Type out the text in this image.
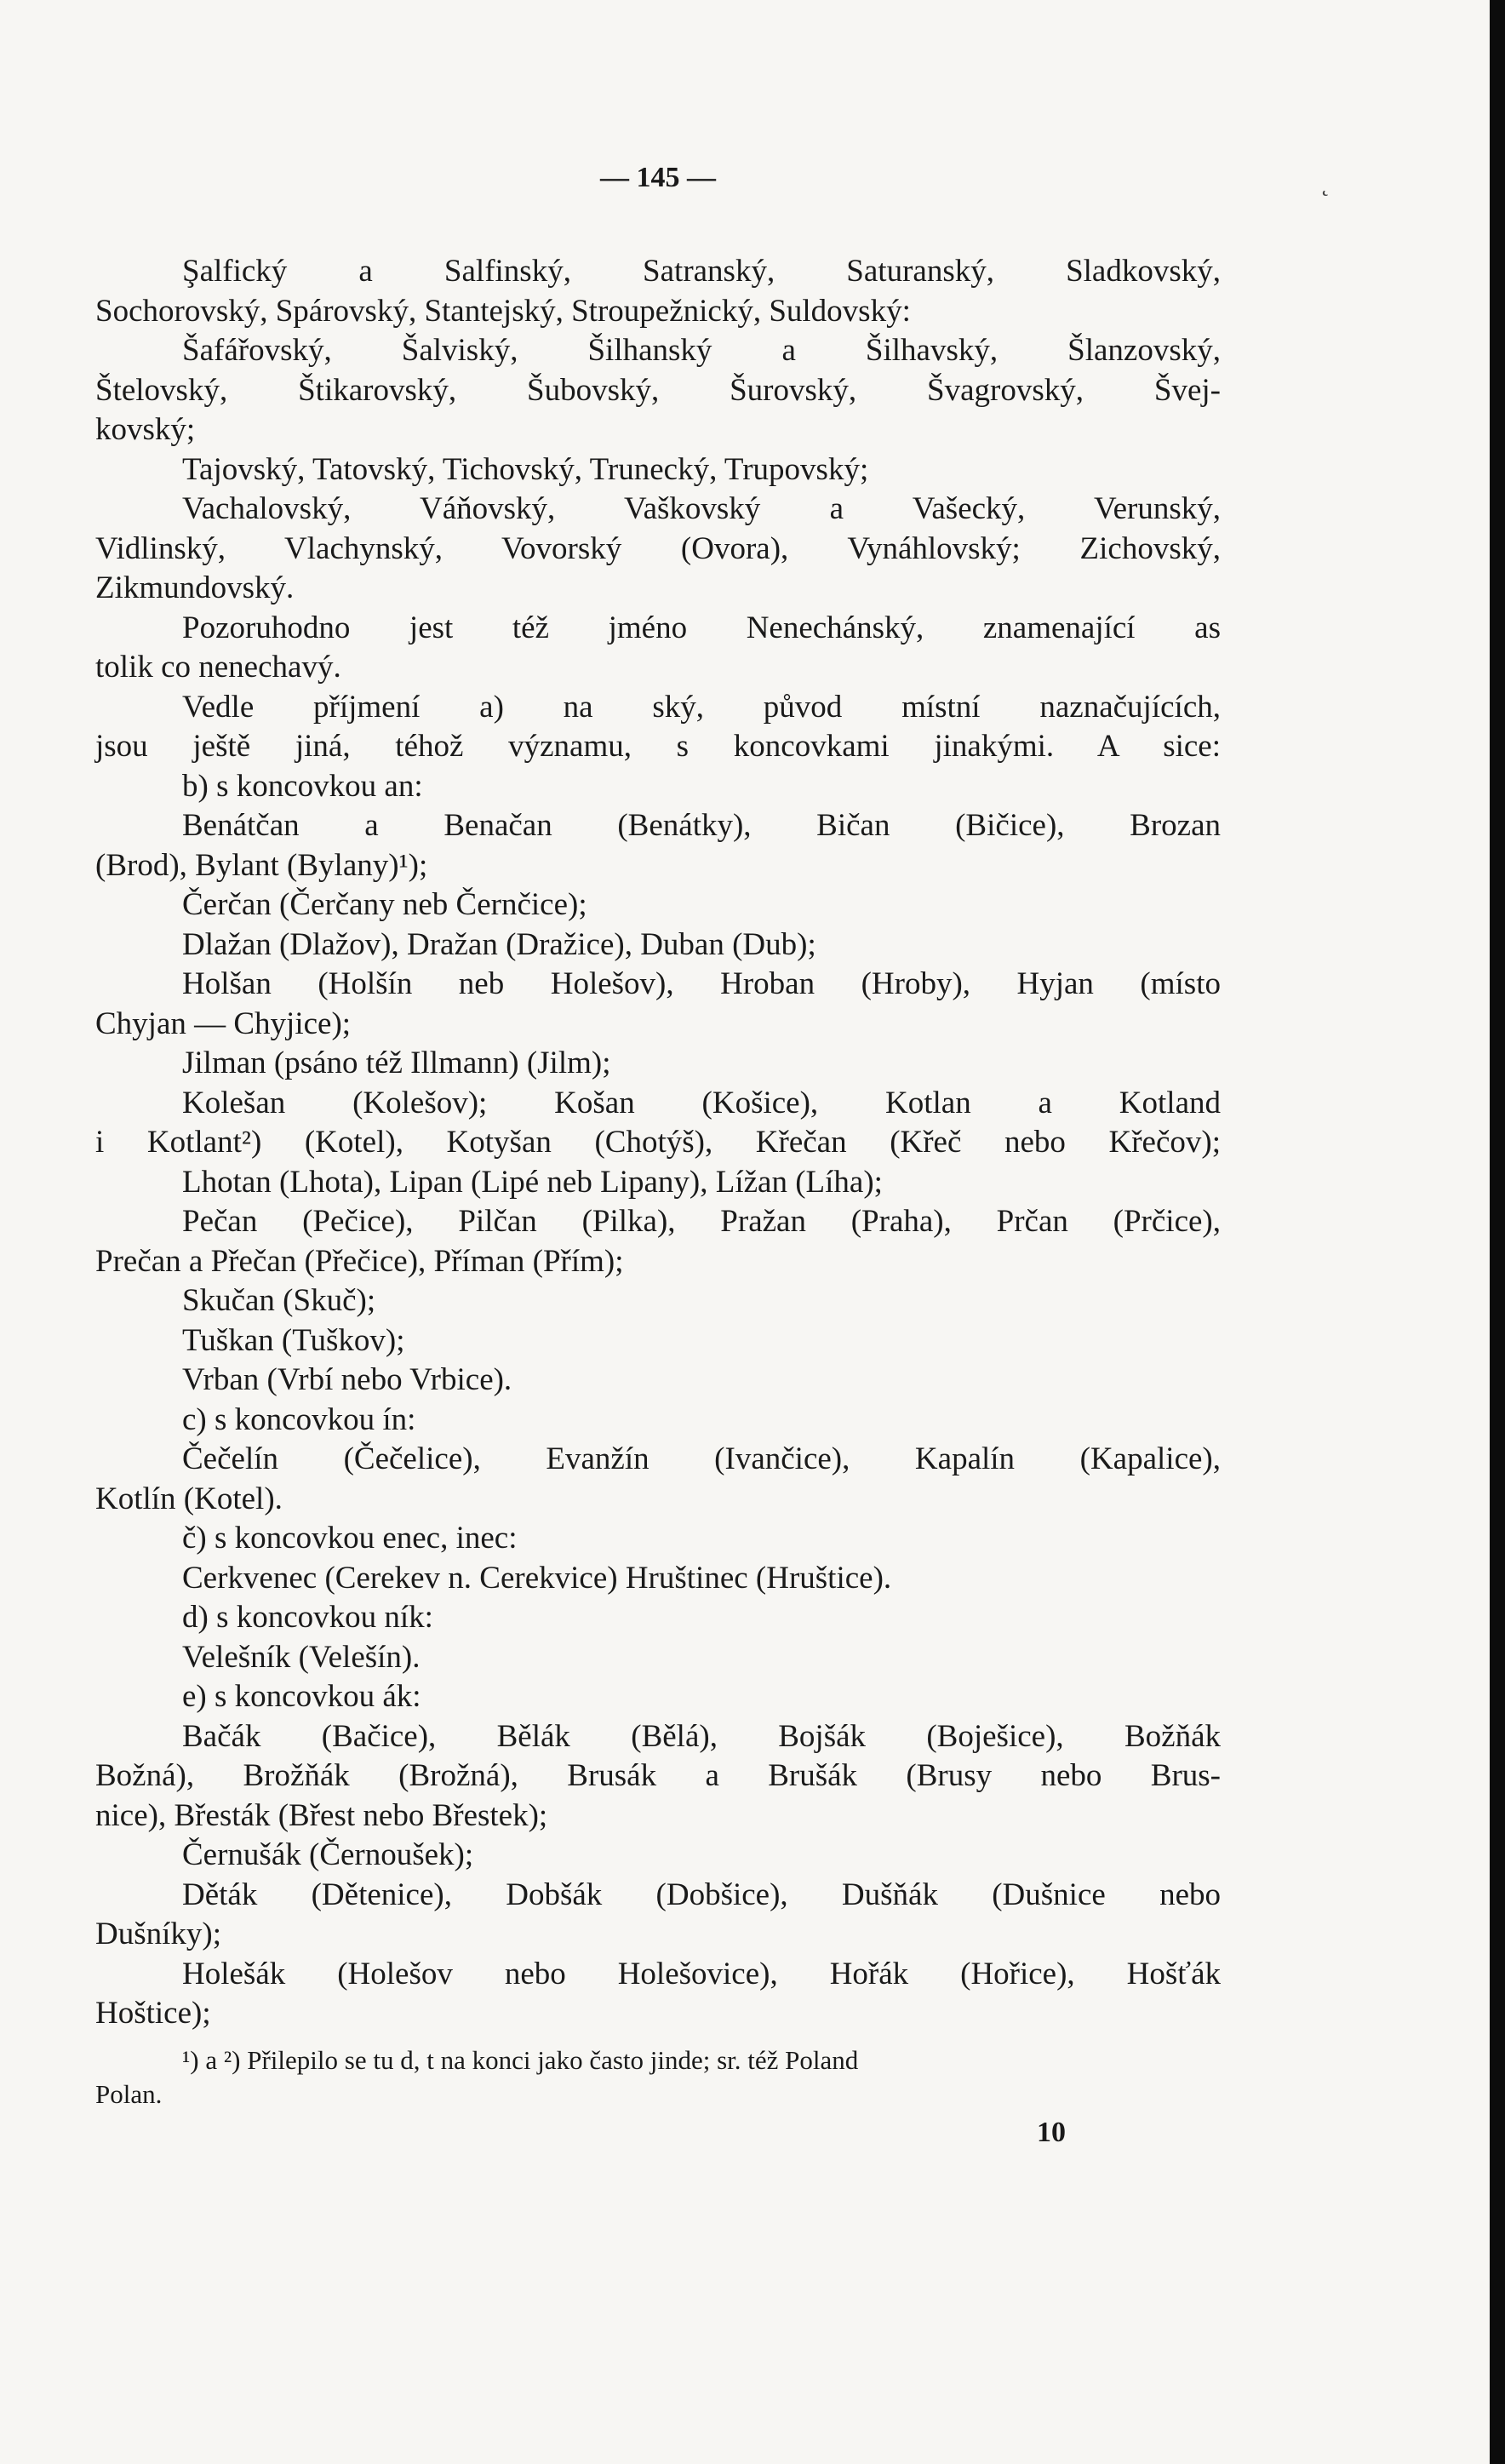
— 145 —	˛
Şalfický a Salfinský, Satranský, Saturanský, Sladkovský,
Sochorovský, Spárovský, Stantejský, Stroupežnický, Suldovský:
Šafářovský, Šalviský, Šilhanský a Šilhavský, Šlanzovský,
Štelovský, Štikarovský, Šubovský, Šurovský, Švagrovský, Švej-
kovský;
Tajovský, Tatovský, Tichovský, Trunecký, Trupovský;
Vachalovský, Váňovský, Vaškovský a Vašecký, Verunský,
Vidlinský, Vlachynský, Vovorský (Ovora), Vynáhlovský; Zichovský,
Zikmundovský.
Pozoruhodno jest též jméno Nenechánský, znamenající as
tolik co nenechavý.
Vedle příjmení a) na ský, původ místní naznačujících,
jsou ještě jiná, téhož významu, s koncovkami jinakými. A sice:
b) s koncovkou an:
Benátčan a Benačan (Benátky), Bičan (Bičice), Brozan
(Brod), Bylant (Bylany)¹);
Čerčan (Čerčany neb Černčice);
Dlažan (Dlažov), Dražan (Dražice), Duban (Dub);
Holšan (Holšín neb Holešov), Hroban (Hroby), Hyjan (místo
Chyjan — Chyjice);
Jilman (psáno též Illmann) (Jilm);
Kolešan (Kolešov); Košan (Košice), Kotlan a Kotland
i Kotlant²) (Kotel), Kotyšan (Chotýš), Křečan (Křeč nebo Křečov);
Lhotan (Lhota), Lipan (Lipé neb Lipany), Lížan (Líha);
Pečan (Pečice), Pilčan (Pilka), Pražan (Praha), Prčan (Prčice),
Prečan a Přečan (Přečice), Příman (Přím);
Skučan (Skuč);
Tuškan (Tuškov);
Vrban (Vrbí nebo Vrbice).
c) s koncovkou ín:
Čečelín (Čečelice), Evanžín (Ivančice), Kapalín (Kapalice),
Kotlín (Kotel).
č) s koncovkou enec, inec:
Cerkvenec (Cerekev n. Cerekvice) Hruštinec (Hruštice).
d) s koncovkou ník:
Velešník (Velešín).
e) s koncovkou ák:
Bačák (Bačice), Bělák (Bělá), Bojšák (Boješice), Božňák
Božná), Brožňák (Brožná), Brusák a Brušák (Brusy nebo Brus-
nice), Břesták (Břest nebo Břestek);
Černušák (Černoušek);
Děták (Dětenice), Dobšák (Dobšice), Dušňák (Dušnice nebo
Dušníky);
Holešák (Holešov nebo Holešovice), Hořák (Hořice), Hošťák
Hoštice);
¹) a ²) Přilepilo se tu d, t na konci jako často jinde; sr. též Poland
Polan.
10
